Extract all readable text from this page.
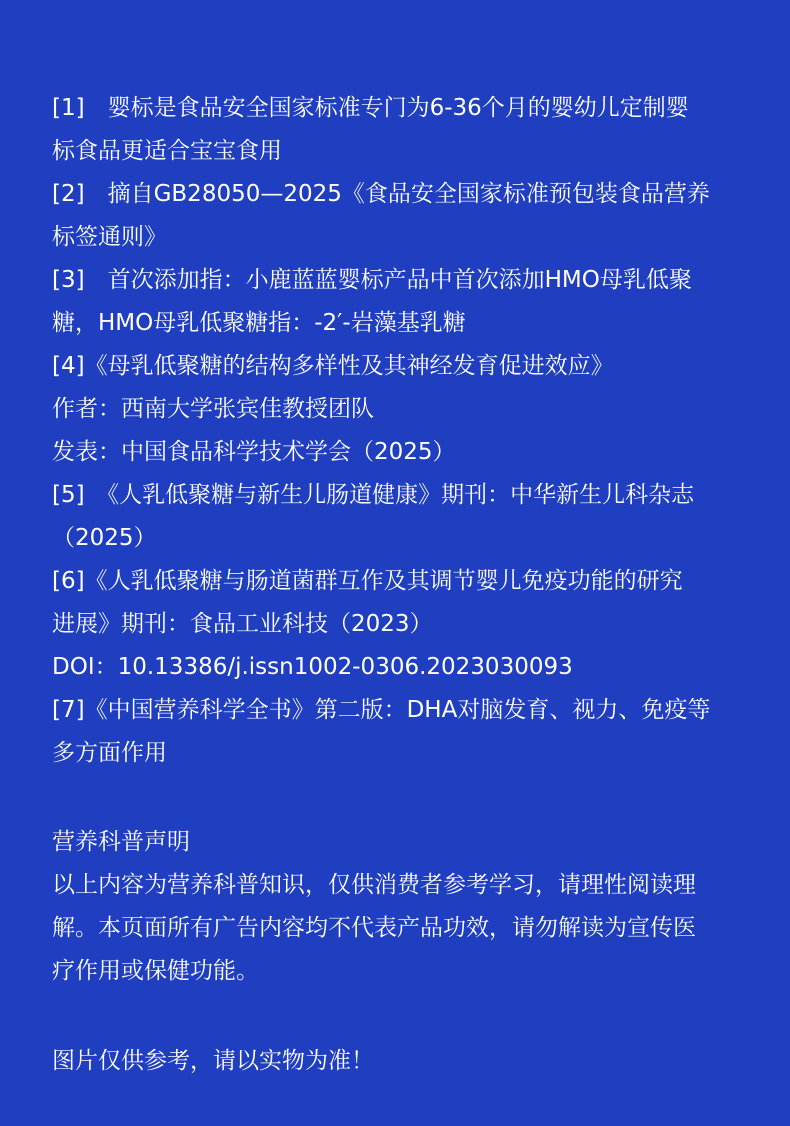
[1]　婴标是食品安全国家标准专门为6-36个月的婴幼儿定制婴
标食品更适合宝宝食用
[2]　摘自GB28050—2025《食品安全国家标准预包装食品营养
标签通则》
[3]　首次添加指：小鹿蓝蓝婴标产品中首次添加HMO母乳低聚
糖，HMO母乳低聚糖指：-2′-岩藻基乳糖
[4]《母乳低聚糖的结构多样性及其神经发育促进效应》
作者：西南大学张宾佳教授团队
发表：中国食品科学技术学会（2025）
[5]　《人乳低聚糖与新生儿肠道健康》期刊：中华新生儿科杂志
（2025）
[6]《人乳低聚糖与肠道菌群互作及其调节婴儿免疫功能的研究
进展》期刊：食品工业科技（2023）
DOI：10.13386/j.issn1002-0306.2023030093
[7]《中国营养科学全书》第二版：DHA对脑发育、视力、免疫等
多方面作用
营养科普声明
以上内容为营养科普知识，仅供消费者参考学习，请理性阅读理
解。本页面所有广告内容均不代表产品功效，请勿解读为宣传医
疗作用或保健功能。
图片仅供参考，请以实物为准！
